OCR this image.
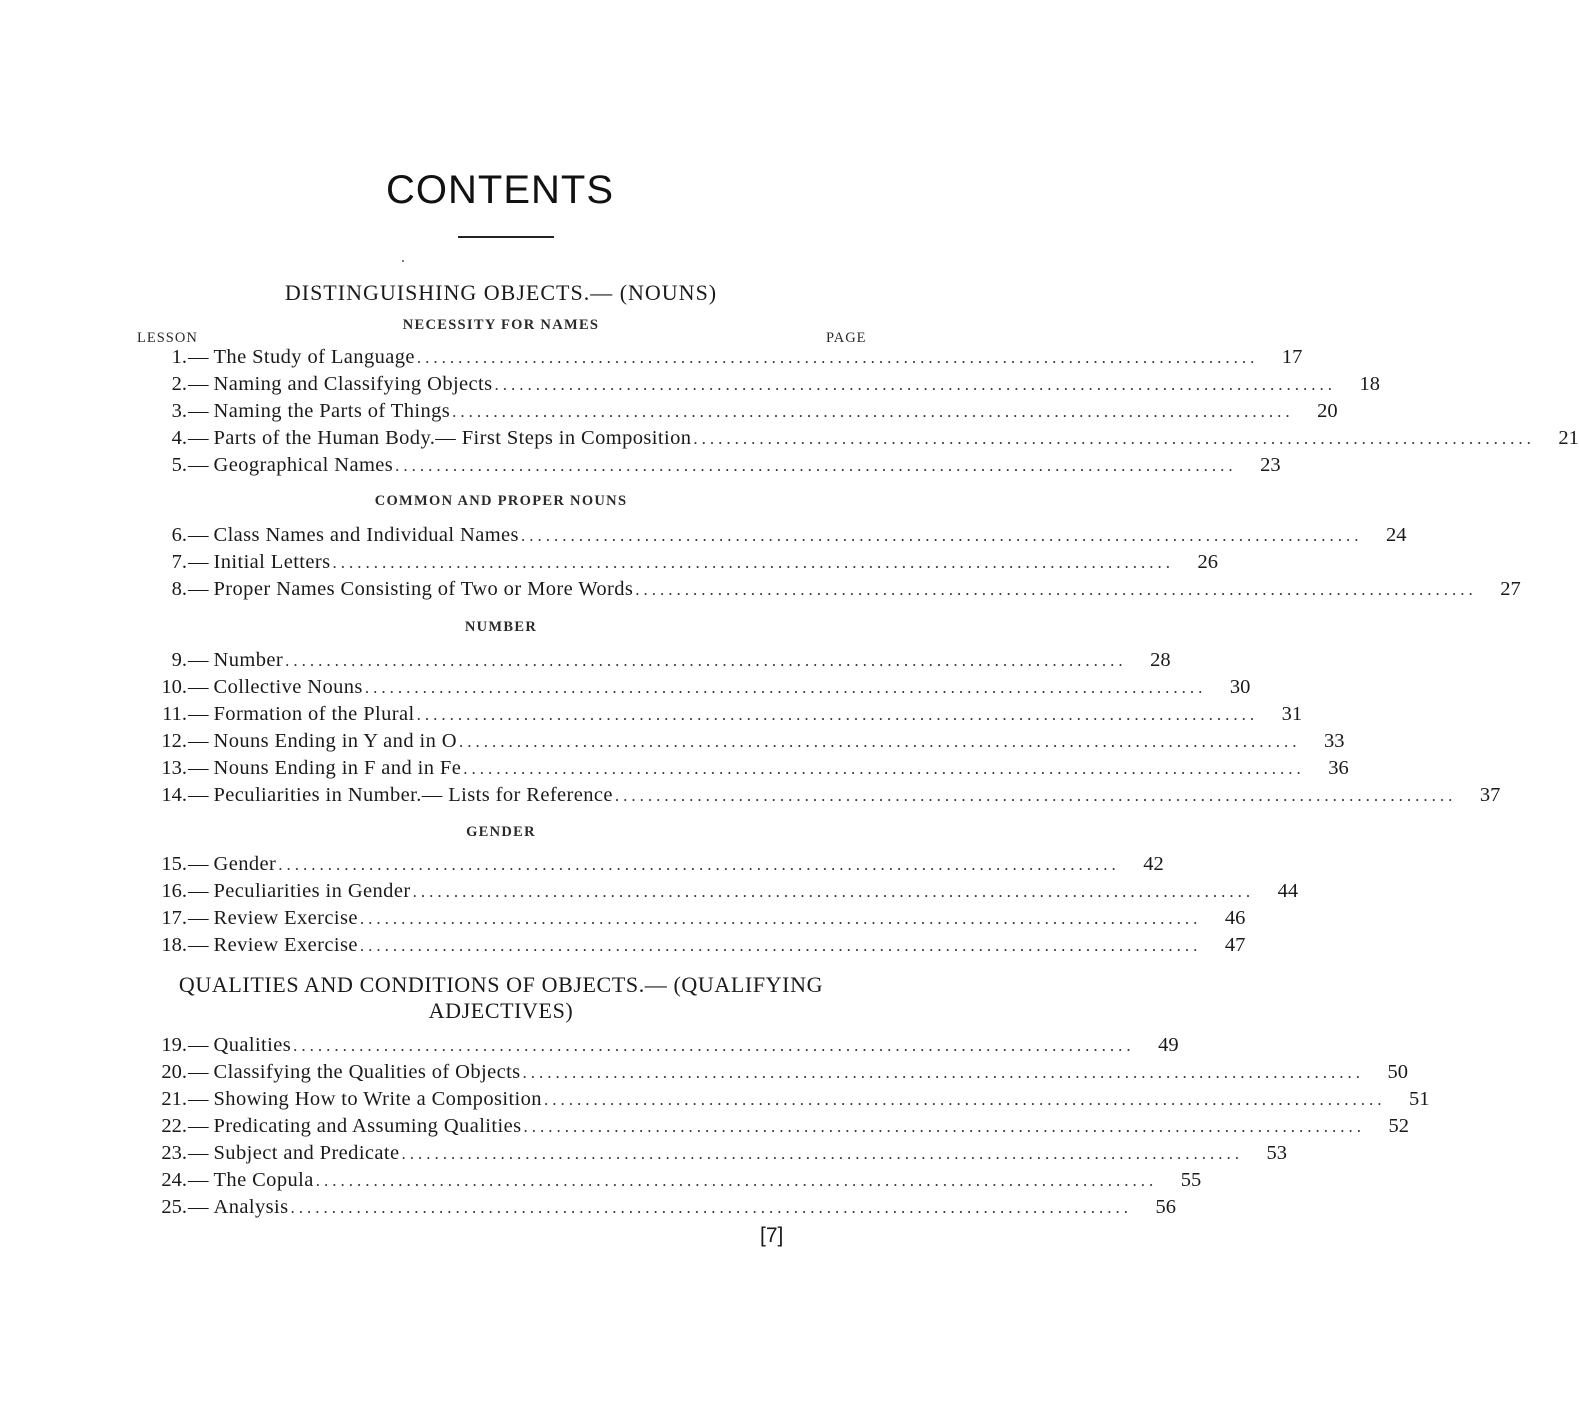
CONTENTS
DISTINGUISHING OBJECTS.— (NOUNS)
NECESSITY FOR NAMES
LESSON	PAGE
1. — The Study of Language ......................................................................................................	17
2. — Naming and Classifying Objects ......................................................................................................	18
3. — Naming the Parts of Things ......................................................................................................	20
4. — Parts of the Human Body.— First Steps in Composition ......................................................................................................	21
5. — Geographical Names ......................................................................................................	23
COMMON AND PROPER NOUNS
6. — Class Names and Individual Names ......................................................................................................	24
7. — Initial Letters ......................................................................................................	26
8. — Proper Names Consisting of Two or More Words ......................................................................................................	27
NUMBER
9. — Number ......................................................................................................	28
10. — Collective Nouns ......................................................................................................	30
11. — Formation of the Plural ......................................................................................................	31
12. — Nouns Ending in Y and in O ......................................................................................................	33
13. — Nouns Ending in F and in Fe ......................................................................................................	36
14. — Peculiarities in Number.— Lists for Reference ......................................................................................................	37
GENDER
15. — Gender ......................................................................................................	42
16. — Peculiarities in Gender ......................................................................................................	44
17. — Review Exercise ......................................................................................................	46
18. — Review Exercise ......................................................................................................	47
QUALITIES AND CONDITIONS OF OBJECTS.— (QUALIFYING
ADJECTIVES)
19. — Qualities ......................................................................................................	49
20. — Classifying the Qualities of Objects ......................................................................................................	50
21. — Showing How to Write a Composition ......................................................................................................	51
22. — Predicating and Assuming Qualities ......................................................................................................	52
23. — Subject and Predicate ......................................................................................................	53
24. — The Copula ......................................................................................................	55
25. — Analysis ......................................................................................................	56
[7]
